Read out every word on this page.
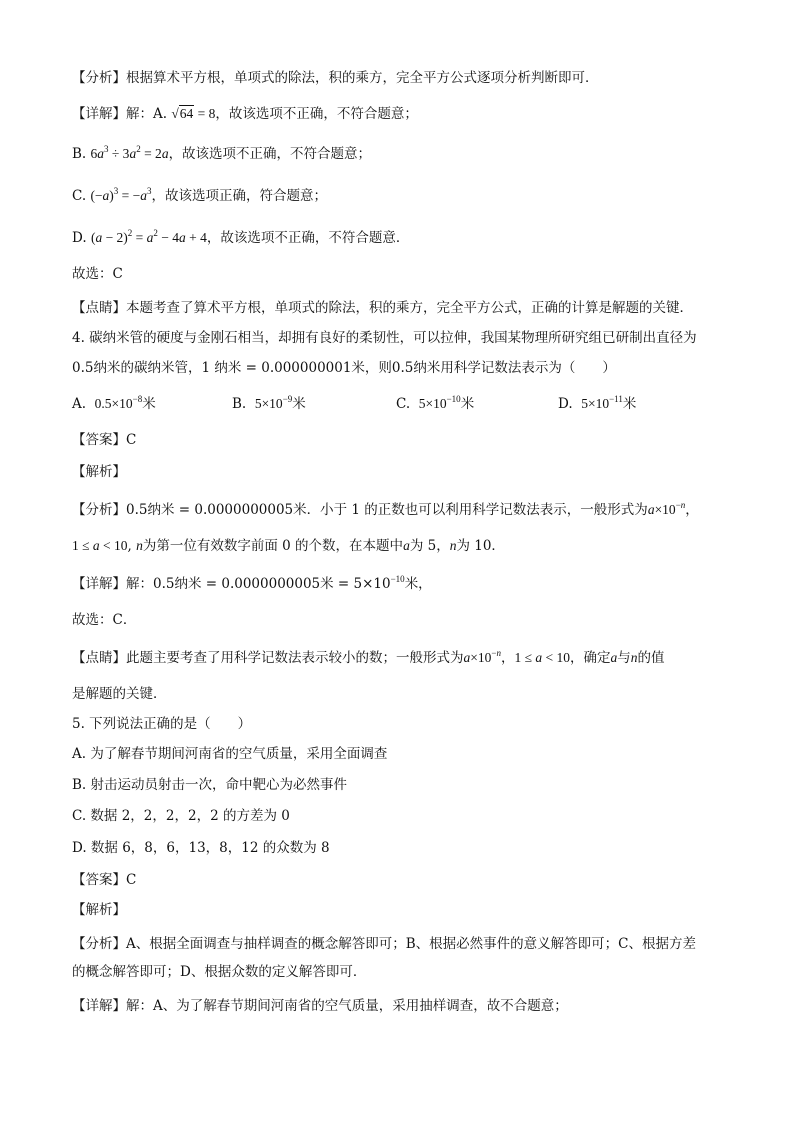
【分析】根据算术平方根，单项式的除法，积的乘方，完全平方公式逐项分析判断即可．
【详解】解：A. √64 = 8，故该选项不正确，不符合题意；
B. $6a^3 \div 3a^2 = 2a$，故该选项不正确，不符合题意；
C. $(-a)^3 = -a^3$，故该选项正确，符合题意；
D. $(a - 2)^2 = a^2 - 4a + 4$，故该选项不正确，不符合题意．
故选：C
【点睛】本题考查了算术平方根，单项式的除法，积的乘方，完全平方公式，正确的计算是解题的关键．
4. 碳纳米管的硬度与金刚石相当，却拥有良好的柔韧性，可以拉伸，我国某物理所研究组已研制出直径为
0.5纳米的碳纳米管，1 纳米 = 0.000000001米，则0.5纳米用科学记数法表示为（　　）
A. $0.5\times 10^{-8}$米	B. $5\times 10^{-9}$米	C. $5\times 10^{-10}$米	D. $5\times 10^{-11}$米
【答案】C
【解析】
【分析】0.5纳米 = 0.0000000005米．小于 1 的正数也可以利用科学记数法表示，一般形式为$a\times 10^{-n}$，
1 ≤ a < 10, n为第一位有效数字前面 0 的个数，在本题中a为 5，n为 10．
【详解】解：0.5纳米 = 0.0000000005米 = $5\times 10^{-10}$米，
故选：C．
【点睛】此题主要考查了用科学记数法表示较小的数；一般形式为$a\times 10^{-n}$，1 ≤ a < 10，确定a与n的值
是解题的关键．
5. 下列说法正确的是（　　）
A. 为了解春节期间河南省的空气质量，采用全面调查
B. 射击运动员射击一次，命中靶心为必然事件
C. 数据 2，2，2，2，2 的方差为 0
D. 数据 6，8，6，13，8，12 的众数为 8
【答案】C
【解析】
【分析】A、根据全面调查与抽样调查的概念解答即可；B、根据必然事件的意义解答即可；C、根据方差
的概念解答即可；D、根据众数的定义解答即可．
【详解】解：A、为了解春节期间河南省的空气质量，采用抽样调查，故不合题意；
